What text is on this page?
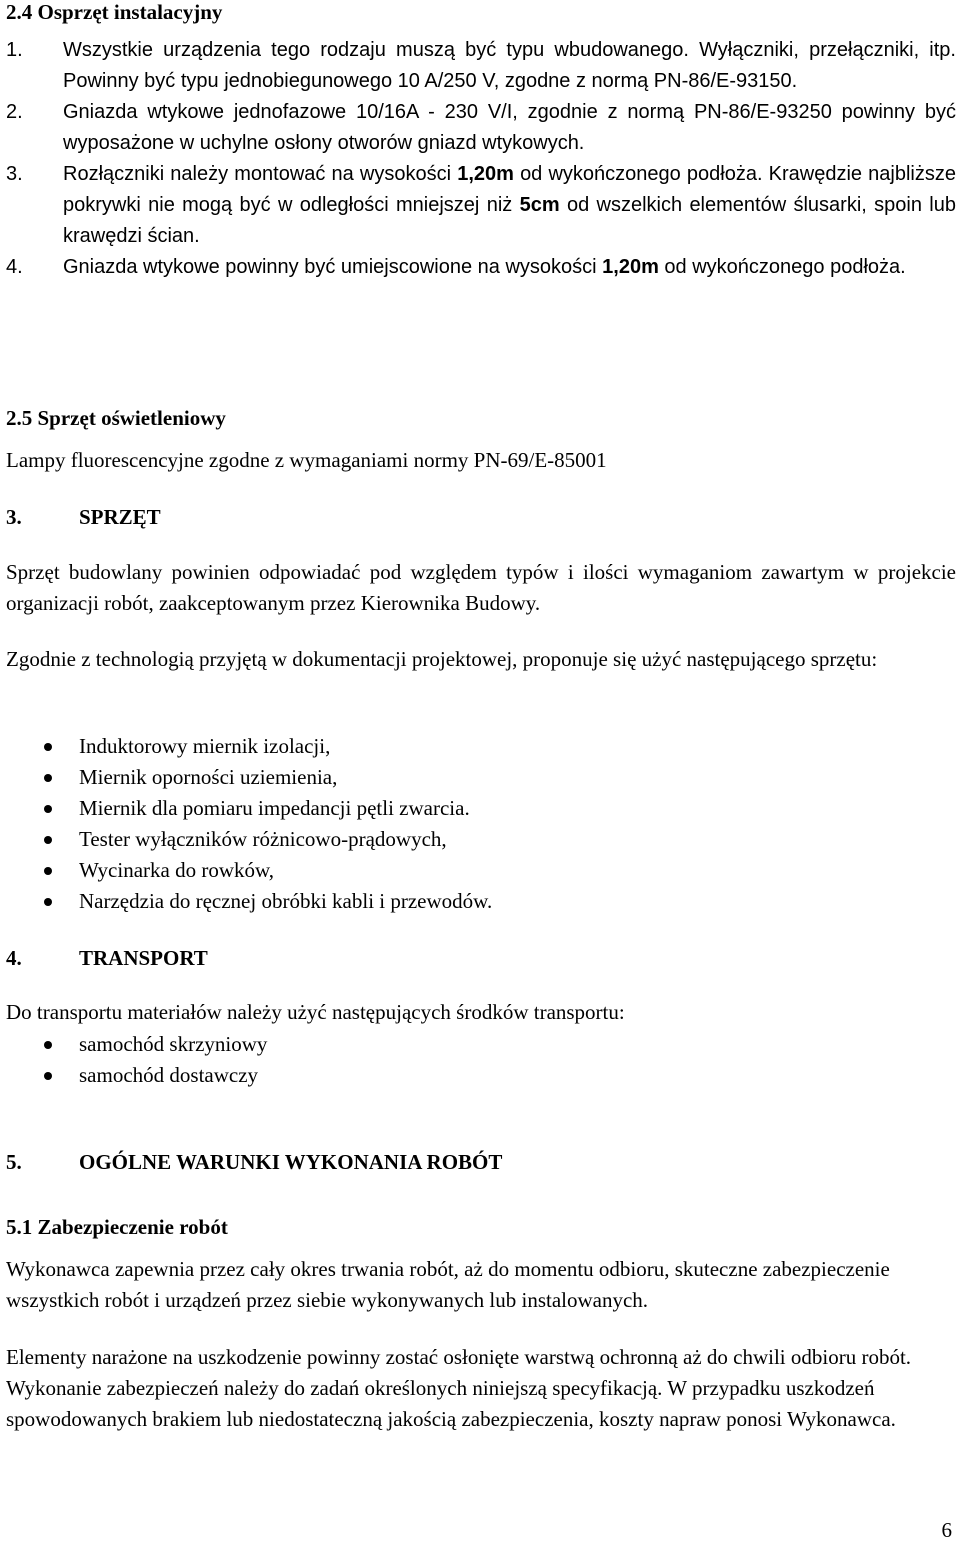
2.4 Osprzęt instalacyjny
1. Wszystkie urządzenia tego rodzaju muszą być typu wbudowanego. Wyłączniki, przełączniki, itp. Powinny być typu jednobiegunowego 10 A/250 V, zgodne z normą PN-86/E-93150.
2. Gniazda wtykowe jednofazowe 10/16A - 230 V/I, zgodnie z normą PN-86/E-93250 powinny być wyposażone w uchylne osłony otworów gniazd wtykowych.
3. Rozłączniki należy montować na wysokości 1,20m od wykończonego podłoża. Krawędzie najbliższe pokrywki nie mogą być w odległości mniejszej niż 5cm od wszelkich elementów ślusarki, spoin lub krawędzi ścian.
4. Gniazda wtykowe powinny być umiejscowione na wysokości 1,20m od wykończonego podłoża.
2.5 Sprzęt oświetleniowy
Lampy fluorescencyjne zgodne z wymaganiami normy PN-69/E-85001
3.	SPRZĘT
Sprzęt budowlany powinien odpowiadać pod względem typów i ilości wymaganiom zawartym w projekcie organizacji robót, zaakceptowanym przez Kierownika Budowy.
Zgodnie z technologią przyjętą w dokumentacji projektowej, proponuje się użyć następującego sprzętu:
Induktorowy miernik izolacji,
Miernik oporności uziemienia,
Miernik dla pomiaru impedancji pętli zwarcia.
Tester wyłączników różnicowo-prądowych,
Wycinarka do rowków,
Narzędzia do ręcznej obróbki kabli i przewodów.
4.	TRANSPORT
Do transportu materiałów należy użyć następujących środków transportu:
samochód skrzyniowy
samochód dostawczy
5.	OGÓLNE WARUNKI WYKONANIA ROBÓT
5.1 Zabezpieczenie robót
Wykonawca zapewnia przez cały okres trwania robót, aż do momentu odbioru, skuteczne zabezpieczenie wszystkich robót i urządzeń przez siebie wykonywanych lub instalowanych.
Elementy narażone na uszkodzenie powinny zostać osłonięte warstwą ochronną aż do chwili odbioru robót. Wykonanie zabezpieczeń należy do zadań określonych niniejszą specyfikacją. W przypadku uszkodzeń spowodowanych brakiem lub niedostateczną jakością zabezpieczenia, koszty napraw ponosi Wykonawca.
6
